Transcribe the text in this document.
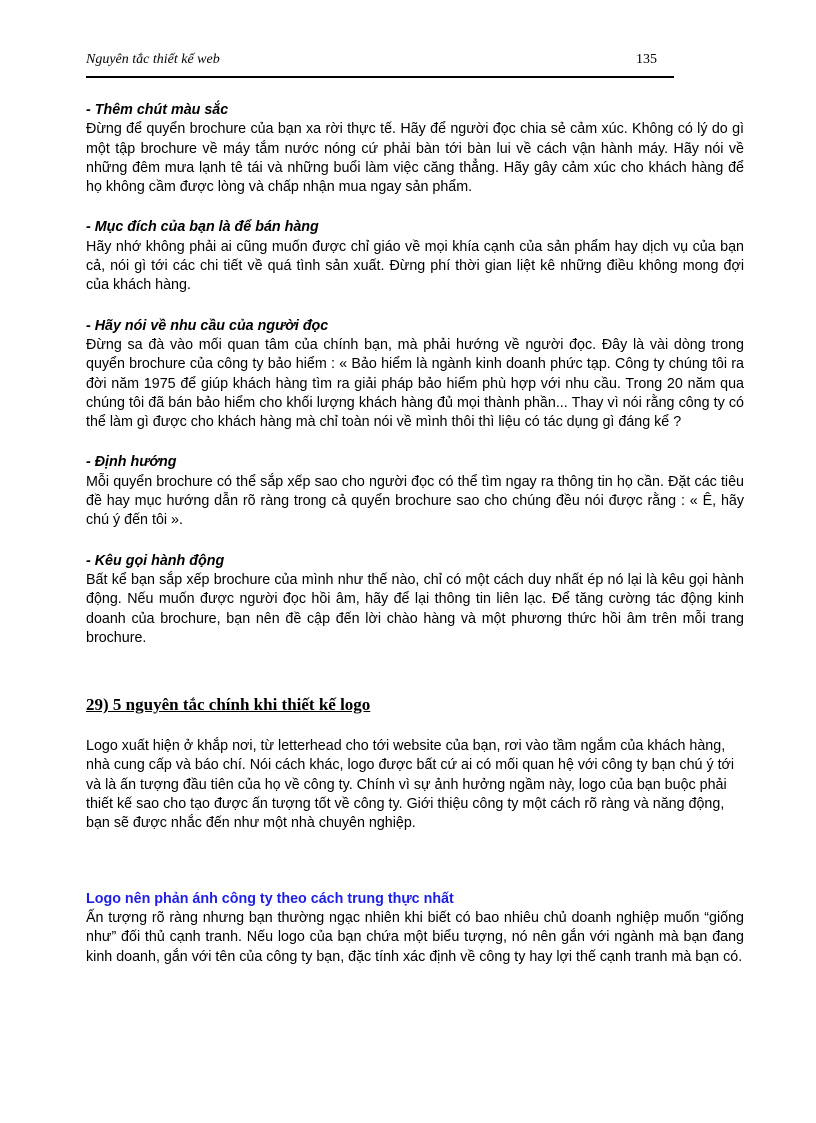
Nguyên tắc thiết kế web	135
- Thêm chút màu sắc

Đừng để quyển brochure của bạn xa rời thực tế. Hãy để người đọc chia sẻ cảm xúc. Không có lý do gì một tập brochure về máy tắm nước nóng cứ phải bàn tới bàn lui về cách vận hành máy. Hãy nói về những đêm mưa lạnh tê tái và những buổi làm việc căng thẳng. Hãy gây cảm xúc cho khách hàng để họ không cầm được lòng và chấp nhận mua ngay sản phẩm.

- Mục đích của bạn là để bán hàng

Hãy nhớ không phải ai cũng muốn được chỉ giáo về mọi khía cạnh của sản phẩm hay dịch vụ của bạn cả, nói gì tới các chi tiết về quá tình sản xuất. Đừng phí thời gian liệt kê những điều không mong đợi của khách hàng.

- Hãy nói về nhu cầu của người đọc

Đừng sa đà vào mối quan tâm của chính bạn, mà phải hướng về người đọc. Đây là vài dòng trong quyển brochure của công ty bảo hiểm : « Bảo hiểm là ngành kinh doanh phức tạp. Công ty chúng tôi ra đời năm 1975 để giúp khách hàng tìm ra giải pháp bảo hiểm phù hợp với nhu cầu. Trong 20 năm qua chúng tôi đã bán bảo hiểm cho khối lượng khách hàng đủ mọi thành phần... Thay vì nói rằng công ty có thể làm gì được cho khách hàng mà chỉ toàn nói về mình thôi thì liệu có tác dụng gì đáng kể ?

- Định hướng

Mỗi quyển brochure có thể sắp xếp sao cho người đọc có thể tìm ngay ra thông tin họ cần. Đặt các tiêu đề hay mục hướng dẫn rõ ràng trong cả quyển brochure sao cho chúng đều nói được rằng : « Ê, hãy chú ý đến tôi ».

- Kêu gọi hành động

Bất kể bạn sắp xếp brochure của mình như thế nào, chỉ có một cách duy nhất ép nó lại là kêu gọi hành động. Nếu muốn được người đọc hồi âm, hãy để lại thông tin liên lạc. Để tăng cường tác động kinh doanh của brochure, bạn nên đề cập đến lời chào hàng và một phương thức hồi âm trên mỗi trang brochure.

29) 5 nguyên tắc chính khi thiết kế logo

Logo xuất hiện ở khắp nơi, từ letterhead cho tới website của bạn, rơi vào tầm ngắm của khách hàng, nhà cung cấp và báo chí. Nói cách khác, logo được bất cứ ai có mối quan hệ với công ty bạn chú ý tới và là ấn tượng đầu tiên của họ về công ty. Chính vì sự ảnh hưởng ngầm này, logo của bạn buộc phải thiết kế sao cho tạo được ấn tượng tốt về công ty. Giới thiệu công ty một cách rõ ràng và năng động, bạn sẽ được nhắc đến như một nhà chuyên nghiệp.

Logo nên phản ánh công ty theo cách trung thực nhất

Ấn tượng rõ ràng nhưng bạn thường ngạc nhiên khi biết có bao nhiêu chủ doanh nghiệp muốn “giống như” đối thủ cạnh tranh. Nếu logo của bạn chứa một biểu tượng, nó nên gắn với ngành mà bạn đang kinh doanh, gắn với tên của công ty bạn, đặc tính xác định về công ty hay lợi thế cạnh tranh mà bạn có.
